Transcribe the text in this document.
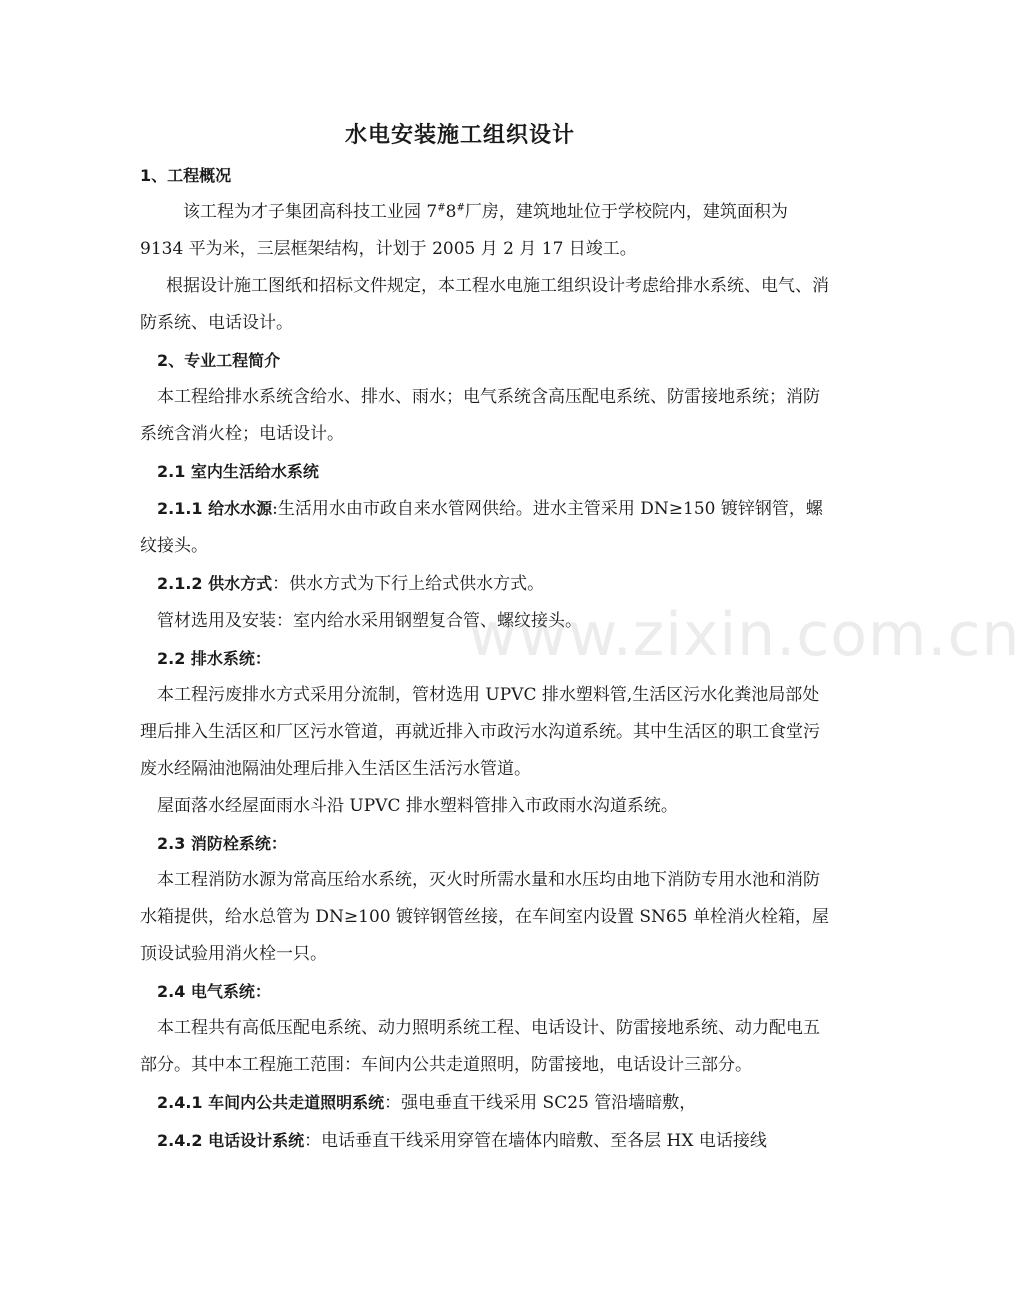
水电安装施工组织设计

1、工程概况

该工程为才子集团高科技工业园 7#8#厂房，建筑地址位于学校院内，建筑面积为 9134 平为米，三层框架结构，计划于 2005 月 2 月 17 日竣工。

根据设计施工图纸和招标文件规定，本工程水电施工组织设计考虑给排水系统、电气、消防系统、电话设计。

2、专业工程简介

本工程给排水系统含给水、排水、雨水；电气系统含高压配电系统、防雷接地系统；消防系统含消火栓；电话设计。

2.1 室内生活给水系统

2.1.1 给水水源:生活用水由市政自来水管网供给。进水主管采用 DN≥150 镀锌钢管，螺纹接头。

2.1.2 供水方式：供水方式为下行上给式供水方式。

管材选用及安装：室内给水采用钢塑复合管、螺纹接头。

2.2 排水系统：

本工程污废排水方式采用分流制，管材选用 UPVC 排水塑料管,生活区污水化粪池局部处理后排入生活区和厂区污水管道，再就近排入市政污水沟道系统。其中生活区的职工食堂污废水经隔油池隔油处理后排入生活区生活污水管道。

屋面落水经屋面雨水斗沿 UPVC 排水塑料管排入市政雨水沟道系统。

2.3 消防栓系统：

本工程消防水源为常高压给水系统，灭火时所需水量和水压均由地下消防专用水池和消防水箱提供，给水总管为 DN≥100 镀锌钢管丝接，在车间室内设置 SN65 单栓消火栓箱，屋顶设试验用消火栓一只。

2.4 电气系统：

本工程共有高低压配电系统、动力照明系统工程、电话设计、防雷接地系统、动力配电五部分。其中本工程施工范围：车间内公共走道照明，防雷接地，电话设计三部分。

2.4.1 车间内公共走道照明系统：强电垂直干线采用 SC25 管沿墙暗敷，

2.4.2 电话设计系统：电话垂直干线采用穿管在墙体内暗敷、至各层 HX 电话接线

www.zixin.com.cn
